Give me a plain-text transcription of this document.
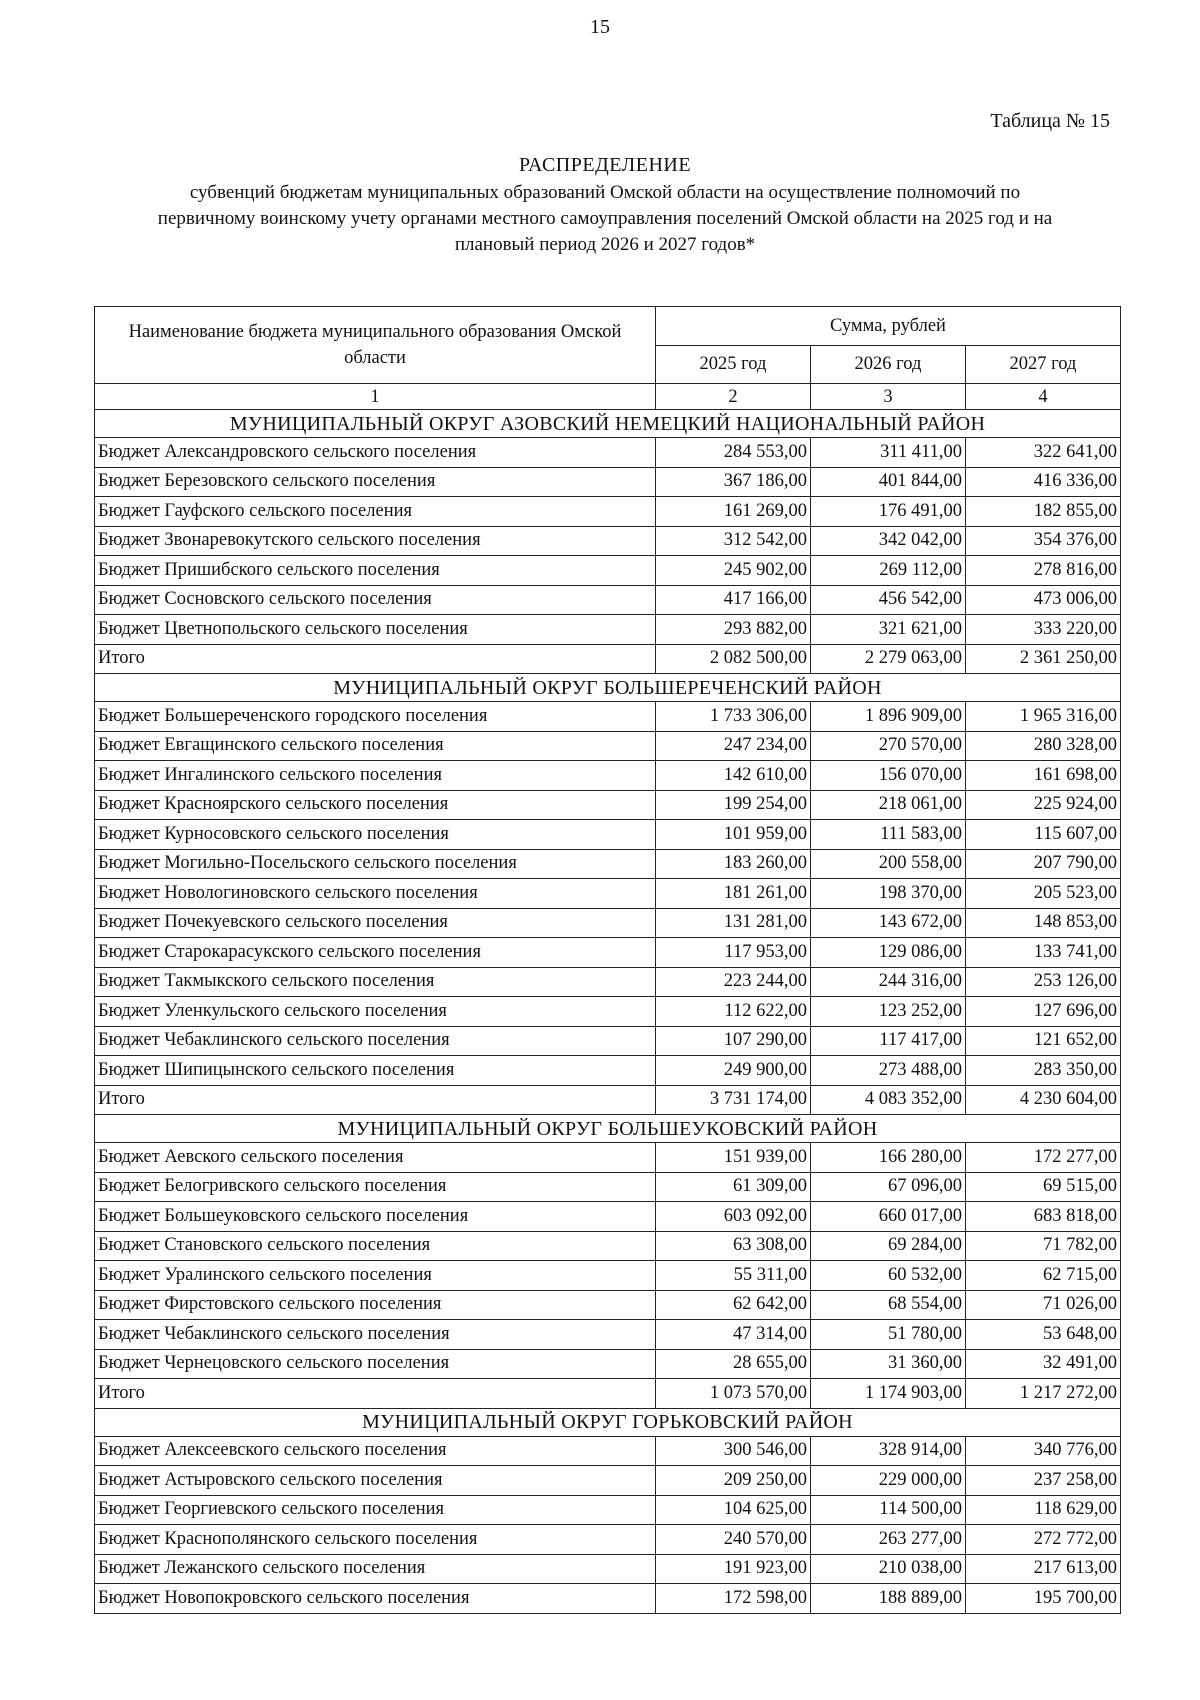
15
Таблица № 15
РАСПРЕДЕЛЕНИЕ
субвенций бюджетам муниципальных образований Омской области на осуществление полномочий по
первичному воинскому учету органами местного самоуправления поселений Омской области на 2025 год и на
плановый период 2026 и 2027 годов*
Наименование бюджета муниципального образования Омской области	Сумма, рублей		
	2025 год	2026 год	2027 год
1	2	3	4
МУНИЦИПАЛЬНЫЙ ОКРУГ АЗОВСКИЙ НЕМЕЦКИЙ НАЦИОНАЛЬНЫЙ РАЙОН			
Бюджет Александровского сельского поселения	284 553,00	311 411,00	322 641,00
Бюджет Березовского сельского поселения	367 186,00	401 844,00	416 336,00
Бюджет Гауфского сельского поселения	161 269,00	176 491,00	182 855,00
Бюджет Звонаревокутского сельского поселения	312 542,00	342 042,00	354 376,00
Бюджет Пришибского сельского поселения	245 902,00	269 112,00	278 816,00
Бюджет Сосновского сельского поселения	417 166,00	456 542,00	473 006,00
Бюджет Цветнопольского сельского поселения	293 882,00	321 621,00	333 220,00
Итого	2 082 500,00	2 279 063,00	2 361 250,00
МУНИЦИПАЛЬНЫЙ ОКРУГ БОЛЬШЕРЕЧЕНСКИЙ РАЙОН			
Бюджет Большереченского городского поселения	1 733 306,00	1 896 909,00	1 965 316,00
Бюджет Евгащинского сельского поселения	247 234,00	270 570,00	280 328,00
Бюджет Ингалинского сельского поселения	142 610,00	156 070,00	161 698,00
Бюджет Красноярского сельского поселения	199 254,00	218 061,00	225 924,00
Бюджет Курносовского сельского поселения	101 959,00	111 583,00	115 607,00
Бюджет Могильно-Посельского сельского поселения	183 260,00	200 558,00	207 790,00
Бюджет Новологиновского сельского поселения	181 261,00	198 370,00	205 523,00
Бюджет Почекуевского сельского поселения	131 281,00	143 672,00	148 853,00
Бюджет Старокарасукского сельского поселения	117 953,00	129 086,00	133 741,00
Бюджет Такмыкского сельского поселения	223 244,00	244 316,00	253 126,00
Бюджет Уленкульского сельского поселения	112 622,00	123 252,00	127 696,00
Бюджет Чебаклинского сельского поселения	107 290,00	117 417,00	121 652,00
Бюджет Шипицынского сельского поселения	249 900,00	273 488,00	283 350,00
Итого	3 731 174,00	4 083 352,00	4 230 604,00
МУНИЦИПАЛЬНЫЙ ОКРУГ БОЛЬШЕУКОВСКИЙ РАЙОН			
Бюджет Аевского сельского поселения	151 939,00	166 280,00	172 277,00
Бюджет Белогривского сельского поселения	61 309,00	67 096,00	69 515,00
Бюджет Большеуковского сельского поселения	603 092,00	660 017,00	683 818,00
Бюджет Становского сельского поселения	63 308,00	69 284,00	71 782,00
Бюджет Уралинского сельского поселения	55 311,00	60 532,00	62 715,00
Бюджет Фирстовского сельского поселения	62 642,00	68 554,00	71 026,00
Бюджет Чебаклинского сельского поселения	47 314,00	51 780,00	53 648,00
Бюджет Чернецовского сельского поселения	28 655,00	31 360,00	32 491,00
Итого	1 073 570,00	1 174 903,00	1 217 272,00
МУНИЦИПАЛЬНЫЙ ОКРУГ ГОРЬКОВСКИЙ РАЙОН			
Бюджет Алексеевского сельского поселения	300 546,00	328 914,00	340 776,00
Бюджет Астыровского сельского поселения	209 250,00	229 000,00	237 258,00
Бюджет Георгиевского сельского поселения	104 625,00	114 500,00	118 629,00
Бюджет Краснополянского сельского поселения	240 570,00	263 277,00	272 772,00
Бюджет Лежанского сельского поселения	191 923,00	210 038,00	217 613,00
Бюджет Новопокровского сельского поселения	172 598,00	188 889,00	195 700,00
